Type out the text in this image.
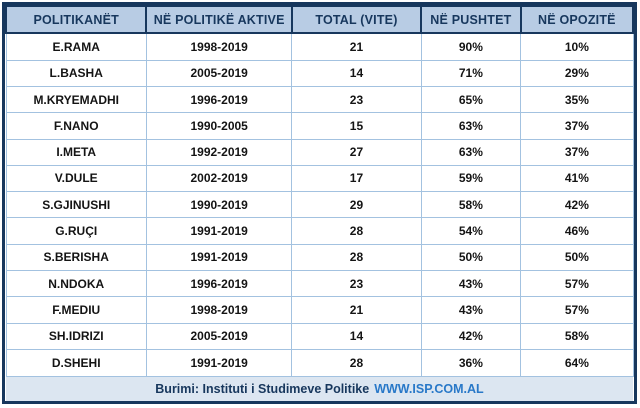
POLITIKANËT	NË POLITIKË AKTIVE	TOTAL (VITE)	NË PUSHTET	NË OPOZITË
E.RAMA	1998-2019	21	90%	10%
L.BASHA	2005-2019	14	71%	29%
M.KRYEMADHI	1996-2019	23	65%	35%
F.NANO	1990-2005	15	63%	37%
I.META	1992-2019	27	63%	37%
V.DULE	2002-2019	17	59%	41%
S.GJINUSHI	1990-2019	29	58%	42%
G.RUÇI	1991-2019	28	54%	46%
S.BERISHA	1991-2019	28	50%	50%
N.NDOKA	1996-2019	23	43%	57%
F.MEDIU	1998-2019	21	43%	57%
SH.IDRIZI	2005-2019	14	42%	58%
D.SHEHI	1991-2019	28	36%	64%
Burimi: Instituti i Studimeve Politike WWW.ISP.COM.AL				
